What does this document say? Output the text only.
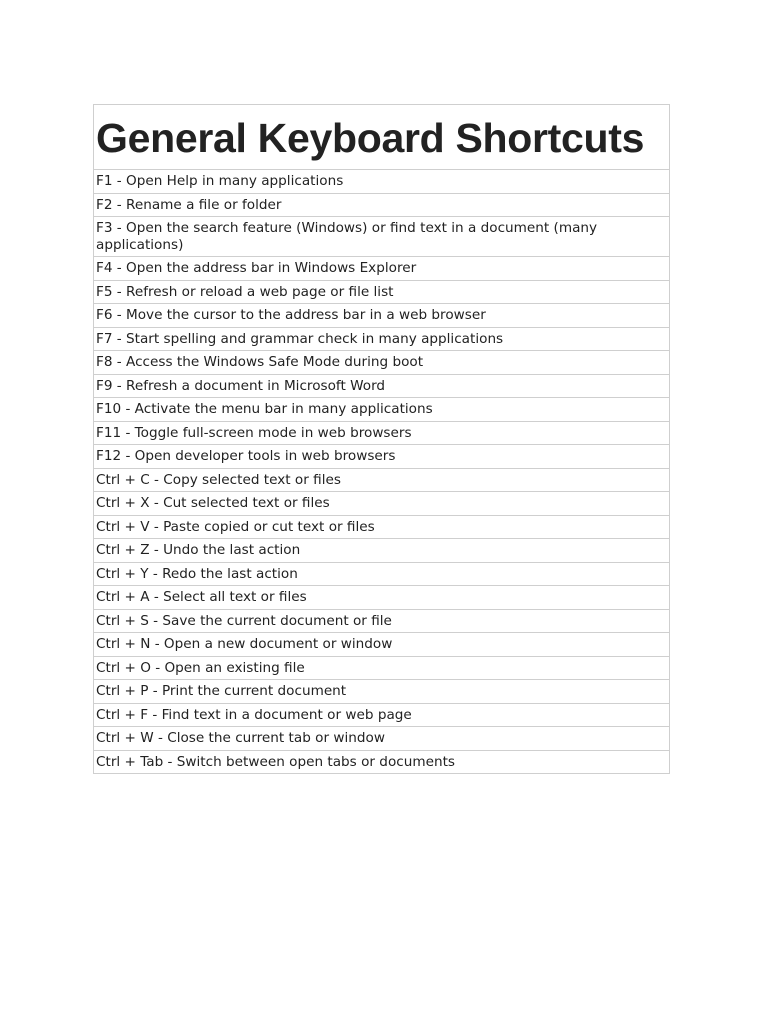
General Keyboard Shortcuts
F1 - Open Help in many applications
F2 - Rename a file or folder
F3 - Open the search feature (Windows) or find text in a document (many applications)
F4 - Open the address bar in Windows Explorer
F5 - Refresh or reload a web page or file list
F6 - Move the cursor to the address bar in a web browser
F7 - Start spelling and grammar check in many applications
F8 - Access the Windows Safe Mode during boot
F9 - Refresh a document in Microsoft Word
F10 - Activate the menu bar in many applications
F11 - Toggle full-screen mode in web browsers
F12 - Open developer tools in web browsers
Ctrl + C - Copy selected text or files
Ctrl + X - Cut selected text or files
Ctrl + V - Paste copied or cut text or files
Ctrl + Z - Undo the last action
Ctrl + Y - Redo the last action
Ctrl + A - Select all text or files
Ctrl + S - Save the current document or file
Ctrl + N - Open a new document or window
Ctrl + O - Open an existing file
Ctrl + P - Print the current document
Ctrl + F - Find text in a document or web page
Ctrl + W - Close the current tab or window
Ctrl + Tab - Switch between open tabs or documents
